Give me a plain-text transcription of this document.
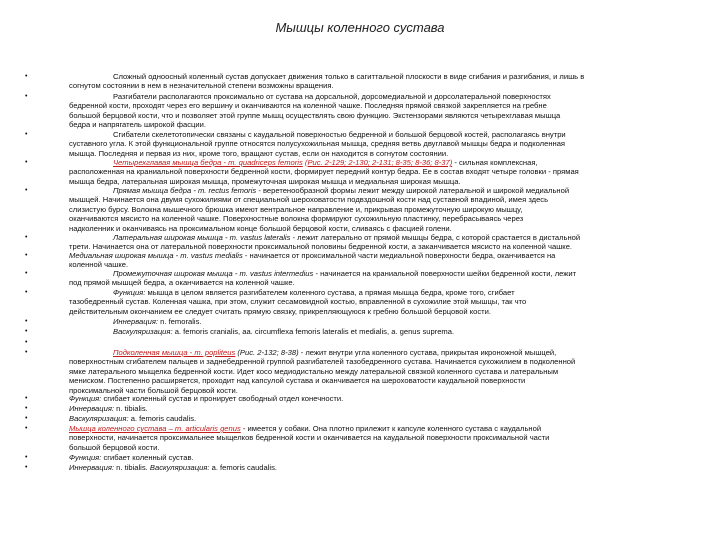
Мышцы коленного сустава
•	Сложный одноосный коленный сустав допускает движения только в сагиттальной плоскости в виде сгибания и разгибания, и лишь в
согнутом состоянии в нем в незначительной степени возможны вращения.
•	Разгибатели располагаются проксимально от сустава на дорсальной, дорсомедиальной и дорсолатеральной поверхностях
бедренной кости, проходят через его вершину и оканчиваются на коленной чашке. Последняя прямой связкой закрепляется на гребне
большой берцовой кости, что и позволяет этой группе мышц осуществлять свою функцию. Экстензорами являются четырехглавая мышца
бедра и напрягатель широкой фасции.
•	Сгибатели скелетотопически связаны с каудальной поверхностью бедренной и большой берцовой костей, располагаясь внутри
суставного угла. К этой функциональной группе относятся полусухожильная мышца, средняя ветвь двуглавой мышцы бедра и подколенная
мышца. Последняя и первая из них, кроме того, вращают сустав, если он находится в согнутом состоянии.
•	Четырехглавая мышца бедра - m. quadriceps femoris (Рис. 2-129; 2-130; 2-131; 8-35; 8-36; 8-37) - сильная комплексная,
расположенная на краниальной поверхности бедренной кости, формирует передний контур бедра. Ее в состав входят четыре головки - прямая
мышца бедра, латеральная широкая мышца, промежуточная широкая мышца и медиальная широкая мышца.
•	Прямая мышца бедра - m. rectus femoris - веретенообразной формы лежит между широкой латеральной и широкой медиальной
мышцей. Начинается она двумя сухожилиями от специальной шероховатости подвздошной кости над суставной впадиной, имея здесь
слизистую бурсу. Волокна мышечного брюшка имеют вентральное направление и, прикрывая промежуточную широкую мышцу,
оканчиваются мясисто на коленной чашке. Поверхностные волокна формируют сухожильную пластинку, перебрасываясь через
надколенник и оканчиваясь на проксимальном конце большой берцовой кости, сливаясь с фасцией голени.
•	Латеральная широкая мышца - m. vastus lateralis - лежит латерально от прямой мышцы бедра, с которой срастается в дистальной
трети. Начинается она от латеральной поверхности проксимальной половины бедренной кости, а заканчивается мясисто на коленной чашке.
•	Медиальная широкая мышца - m. vastus medialis - начинается от проксимальной части медиальной поверхности бедра, оканчивается на
коленной чашке.
•	Промежуточная широкая мышца - m. vastus intermedius - начинается на краниальной поверхности шейки бедренной кости, лежит
под прямой мышцей бедра, а оканчивается на коленной чашке.
•	Функция: мышца в целом является разгибателем коленного сустава, а прямая мышца бедра, кроме того, сгибает
тазобедренный сустав. Коленная чашка, при этом, служит сесамовидной костью, вправленной в сухожилие этой мышцы, так что
действительным окончанием ее следует считать прямую связку, прикрепляющуюся к гребню большой берцовой кости.
•	Иннервация: n. femoralis.
•	Васкуляризация: a. femoris cranialis, aa. circumflexa femoris lateralis et medialis, a. genus suprema.
•
•	Подколенная мышца - m. popliteus (Рис. 2-132; 8-38) - лежит внутри угла коленного сустава, прикрытая икроножной мышцей,
поверхностным сгибателем пальцев и заднебедренной группой разгибателей тазобедренного сустава. Начинается сухожилием в подколенной
ямке латерального мыщелка бедренной кости. Идет косо медиодистально между латеральной связкой коленного сустава и латеральным
мениском. Постепенно расширяется, проходит над капсулой сустава и оканчивается на шероховатости каудальной поверхности
проксимальной части большой берцовой кости.
•	Функция: сгибает коленный сустав и пронирует свободный отдел конечности.
•	Иннервация: n. tibialis.
•	Васкуляризация: a. femoris caudalis.
•	Мышца коленного сустава – m. articularis genus - имеется у собаки. Она плотно прилежит к капсуле коленного сустава с каудальной
поверхности, начинается проксимальнее мыщелков бедренной кости и оканчивается на каудальной поверхности проксимальной части
большой берцовой кости.
•	Функция: сгибает коленный сустав.
•	Иннервация: n. tibialis. Васкуляризация: a. femoris caudalis.
